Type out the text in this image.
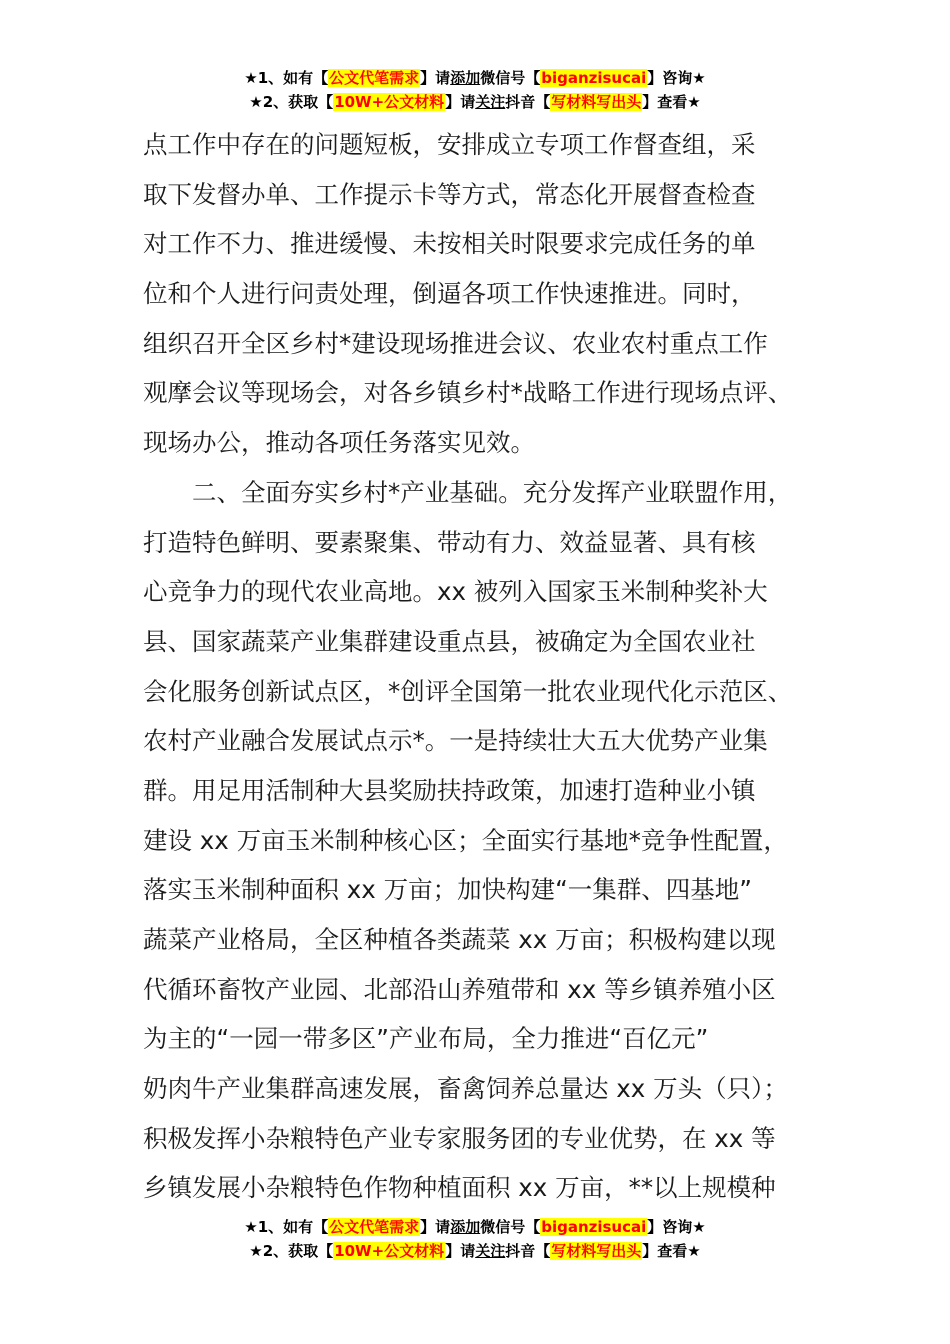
★1、如有【公文代笔需求】请添加微信号【biganzisucai】咨询★
★2、获取【10W+公文材料】请关注抖音【写材料写出头】查看★
点工作中存在的问题短板，安排成立专项工作督查组，采
取下发督办单、工作提示卡等方式，常态化开展督查检查
对工作不力、推进缓慢、未按相关时限要求完成任务的单
位和个人进行问责处理，倒逼各项工作快速推进。同时，
组织召开全区乡村*建设现场推进会议、农业农村重点工作
观摩会议等现场会，对各乡镇乡村*战略工作进行现场点评、
现场办公，推动各项任务落实见效。
二、全面夯实乡村*产业基础。充分发挥产业联盟作用，
打造特色鲜明、要素聚集、带动有力、效益显著、具有核
心竞争力的现代农业高地。xx 被列入国家玉米制种奖补大
县、国家蔬菜产业集群建设重点县，被确定为全国农业社
会化服务创新试点区，*创评全国第一批农业现代化示范区、
农村产业融合发展试点示*。一是持续壮大五大优势产业集
群。用足用活制种大县奖励扶持政策，加速打造种业小镇
建设 xx 万亩玉米制种核心区；全面实行基地*竞争性配置，
落实玉米制种面积 xx 万亩；加快构建“一集群、四基地”
蔬菜产业格局，全区种植各类蔬菜 xx 万亩；积极构建以现
代循环畜牧产业园、北部沿山养殖带和 xx 等乡镇养殖小区
为主的“一园一带多区”产业布局，全力推进“百亿元”
奶肉牛产业集群高速发展，畜禽饲养总量达 xx 万头（只）；
积极发挥小杂粮特色产业专家服务团的专业优势，在 xx 等
乡镇发展小杂粮特色作物种植面积 xx 万亩，**以上规模种
★1、如有【公文代笔需求】请添加微信号【biganzisucai】咨询★
★2、获取【10W+公文材料】请关注抖音【写材料写出头】查看★
